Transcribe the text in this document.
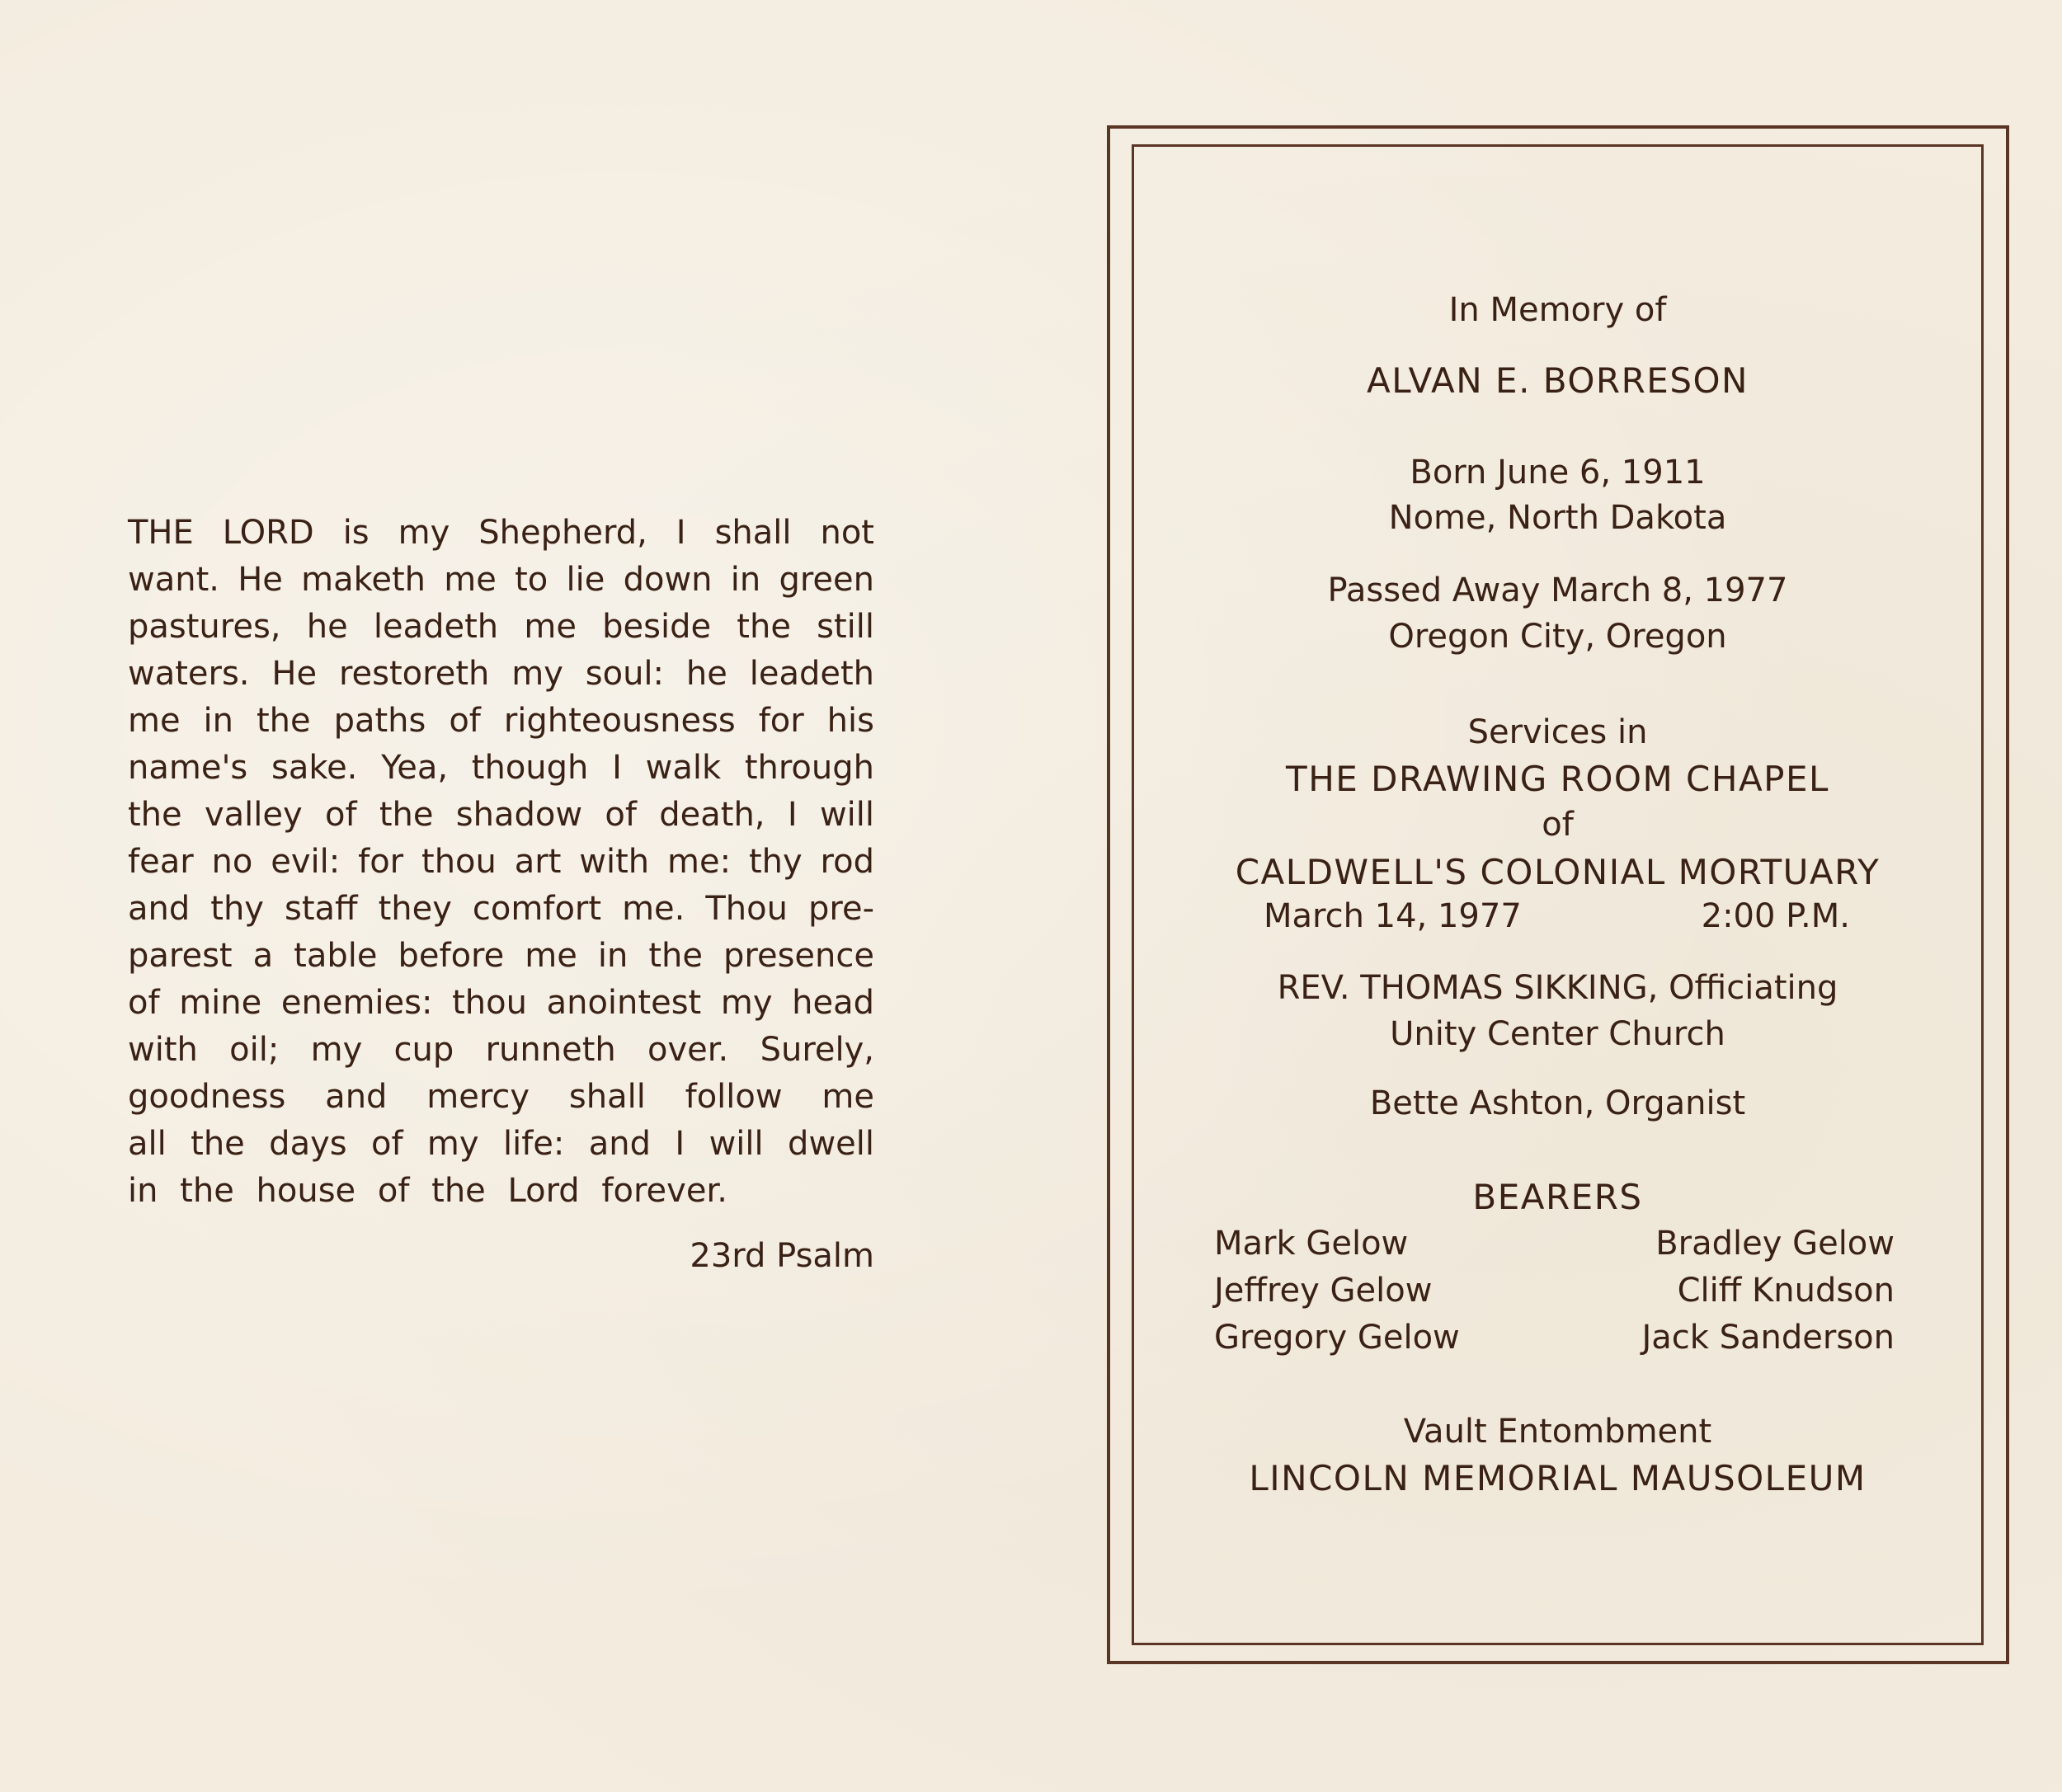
THE LORD is my Shepherd, I shall not
want. He maketh me to lie down in green
pastures, he leadeth me beside the still
waters. He restoreth my soul: he leadeth
me in the paths of righteousness for his
name's sake. Yea, though I walk through
the valley of the shadow of death, I will
fear no evil: for thou art with me: thy rod
and thy staff they comfort me. Thou pre-
parest a table before me in the presence
of mine enemies: thou anointest my head
with oil; my cup runneth over. Surely,
goodness and mercy shall follow me
all the days of my life: and I will dwell
in the house of the Lord forever.
23rd Psalm
In Memory of
ALVAN E. BORRESON
Born June 6, 1911
Nome, North Dakota
Passed Away March 8, 1977
Oregon City, Oregon
Services in
THE DRAWING ROOM CHAPEL
of
CALDWELL'S COLONIAL MORTUARY
March 14, 1977	2:00 P.M.
REV. THOMAS SIKKING, Officiating
Unity Center Church
Bette Ashton, Organist
BEARERS
Mark Gelow
Jeffrey Gelow
Gregory Gelow
Bradley Gelow
Cliff Knudson
Jack Sanderson
Vault Entombment
LINCOLN MEMORIAL MAUSOLEUM
